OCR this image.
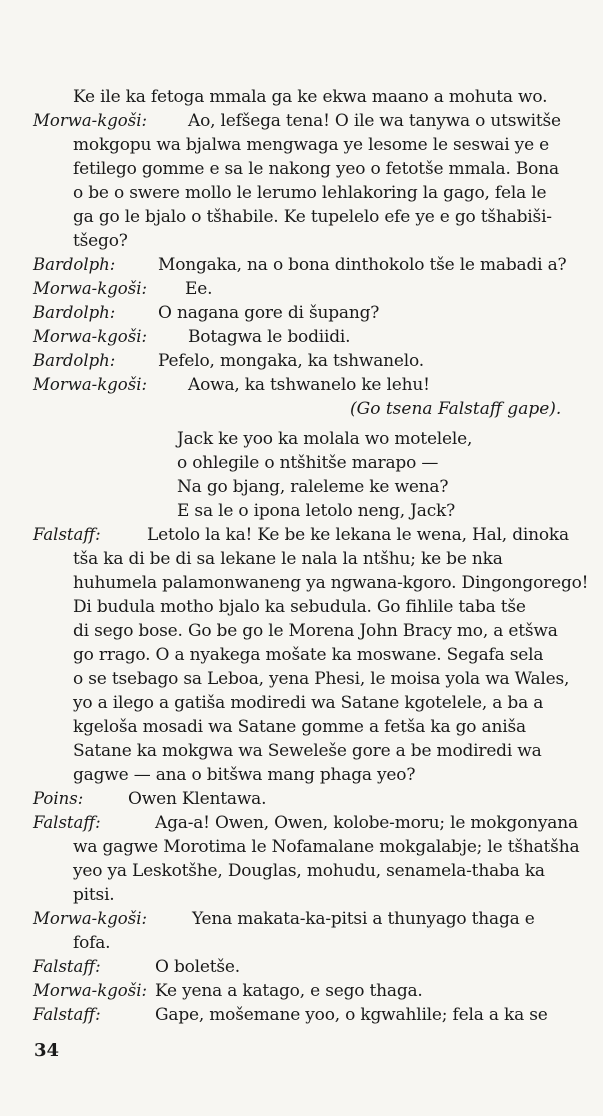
Ke ile ka fetoga mmala ga ke ekwa maano a mohuta wo.
Morwa-kgoši: Ao, lefšega tena! O ile wa tanywa o utswitše
mokgopu wa bjalwa mengwaga ye lesome le seswai ye e
fetilego gomme e sa le nakong yeo o fetotše mmala. Bona
o be o swere mollo le lerumo lehlakoring la gago, fela le
ga go le bjalo o tšhabile. Ke tupelelo efe ye e go tšhabiši-
tšego?
Bardolph:	Mongaka, na o bona dinthokolo tše le mabadi a?
Morwa-kgoši: Ee.
Bardolph:	O nagana gore di šupang?
Morwa-kgoši: Botagwa le bodiidi.
Bardolph:	Pefelo, mongaka, ka tshwanelo.
Morwa-kgoši: Aowa, ka tshwanelo ke lehu!
(Go tsena Falstaff gape).
Jack ke yoo ka molala wo motelele,
o ohlegile o ntšhitše marapo —
Na go bjang, raleleme ke wena?
E sa le o ipona letolo neng, Jack?
Falstaff:	Letolo la ka! Ke be ke lekana le wena, Hal, dinoka
tša ka di be di sa lekane le nala la ntšhu; ke be nka
huhumela palamonwaneng ya ngwana-kgoro. Dingongorego!
Di budula motho bjalo ka sebudula. Go fihlile taba tše
di sego bose. Go be go le Morena John Bracy mo, a etšwa
go rrago. O a nyakega mošate ka moswane. Segafa sela
o se tsebago sa Leboa, yena Phesi, le moisa yola wa Wales,
yo a ilego a gatiša modiredi wa Satane kgotelele, a ba a
kgeloša mosadi wa Satane gomme a fetša ka go aniša
Satane ka mokgwa wa Seweleše gore a be modiredi wa
gagwe — ana o bitšwa mang phaga yeo?
Poins:	Owen Klentawa.
Falstaff:	Aga-a! Owen, Owen, kolobe-moru; le mokgonyana
wa gagwe Morotima le Nofamalane mokgalabje; le tšhatšha
yeo ya Leskotšhe, Douglas, mohudu, senamela-thaba ka
pitsi.
Morwa-kgoši:	Yena makata-ka-pitsi a thunyago thaga e
fofa.
Falstaff:	O boletše.
Morwa-kgoši: Ke yena a katago, e sego thaga.
Falstaff:	Gape, mošemane yoo, o kgwahlile; fela a ka se
34
